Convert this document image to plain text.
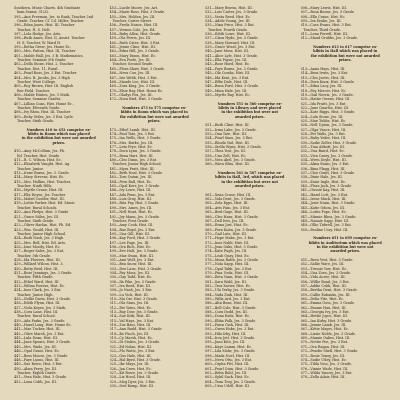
Southern, Music Charts. 4th Graduate
ham Senior, 31/32.
395—Ann Freeman, Jes. to Rusk, Teacher 2nd
Grade. Teacher, Cl. Cd. Miller, Teacher
396—Edna Jones, Hist. III, Teacher
Teacher, H. S. Holt.
397—Lola Hodge, Jes. Arts.
398—Ruth Ames, Hist. II, Assist. Teacher
H. S. Teacher, W. Ward H.
399—Retha Greer, Jes. Home Ec.
400—Mrs. Patton, Hist. III, Teacher
401—Mable Hall, Jes. 3 B. Mathematics,
Teacher, Seminar 5th Grade.
402—Della Stone, Hist. 2, Teacher
Teacher, Dist. 11, Rural.
403—Pearl Ross, Jes. 3 Ent. Teacher
404—Mrs. B. Jacobs, Jes. 3 High
Teacher, West College.
405—Roy Brown, Hist. III. English
Ree Field, Teacher.
406—Mable Hinton, Jes. 3 Math.
Teacher, Seminar Grades.
407—Lillian Coan, Hist. Home Ec.,
Teacher, Eleventh Grade.
408—Ivy Rhea, Hist. III, Teacher
409—Ruby Stiles, Jes. 3 Ent. Lytle.
Teacher, Sixth Grade.
Numbers 410 to 452 comprise ex-
hibits in Room which was placed
in the exhibition but were not awarded
prizes.
410—Amy McCollum, Jes. Ph.
Ed. Teacher, Hist. Grade.
411—R. C. Wilson, Hist. Ec.
412—Elizabeth Vaught, Hist. Ag.
Teacher, Junior.
413—Irene Burns, Jes. 3. Grade.
414—Mary Stevens, Hist. Ec.
415—Mrs. Hollins, Hist. Teacher,
Teacher, Ninth Hills.
416—Myrtle Crane, Hist. III.
417—Ella Heyes, Jes. Teacher
418—Mabel Coulter, Hist. III.
419—Lottie Parker, Hist. Ed. Music
Teacher, Rural Schools.
420—Ann Phelps, Hist. 3 Grade
421—Grace Miles, Jes. III.
Teacher, Sixth Grade.
422—Oliver Harlan, Hist. Ph. Ed.
423—Wm. Gould, Hist. III.
Teacher, Junior High School.
424—Ruth Nash, Jes. 3 High.
425—Mrs. Bell, Hist. Ed. Arts.
426—Ione Moody, Hist. Ec.
427—Roger Sales, Jes. 3 Ent.
Teacher, 5th Grade.
428—Ida Flowers, Hist. III.
429—Willard Wilcox, Hist. 3.
430—Betty Reid, Hist. III.
431—Rose Jennings, Jes. 3 Grade.
Teacher, Fifth Grade.
432—Ethel Ward, Hist. III.
433—Wilma Powers, Hist. Ec.
434—Inez Clark, Jes. 3 Ent.
Teacher, Junior High.
435—Nellie Davis, Hist. 3 Grade.
436—Edith Flynn, Hist. III.
437—Viola Keyes, Jes. 3 Math.
438—Cora Lane, Hist. III.
Teacher, Rural School.
439—Ada Parks, Jes. 3 Grade.
440—Hazel Long, Hist. Home Ec.
441—Mae Tucker, Hist. III.
442—Olive Marsh, Jes. 3 Ent.
443—Lula Dean, Hist. III.
444—June Spears, Hist. 3 Grade.
445—Mrs. Wade, Jes. III.
446—Opal Grant, Hist. Ec.
447—Bess Moore, Jes. 3 Grade.
448—Faye Lyons, Hist. III.
449—Sue Rowe, Hist. 3 Ent.
450—Alma Perry, Jes. III.
Teacher, Eighth Grade.
451—Vera Hale, Hist. 3 Grade.
452—Lena Cobb, Jes. III.
453—Lucile Moore, Jes. Art.
454—Marie Ross, Hist. 3 Grade.
455—Mrs. Holden, Jes. III.
Teacher, Carter Street.
456—Freda Nance, Hist. III.
457—Vernon Cole, Jes. Ed.
458—Ruby Allen, Hist. Grade.
459—Ola Ferris, Jes. III.
460—Ruth Cates, Hist. 3 Ent.
461—Jessie Cline, Hist. III.
462—Edna Hill, Jes. 3 Grade.
463—Mary Dixon, Hist. Ec.
464—Eva Poole, Jes. III.
Teacher, Second Grade.
465—Flora Shaw, Hist. 3 Grade.
466—Neva Cox, Jes. III.
467—Iris Webb, Hist. 3 Ent.
468—Maude Lee, Hist. III.
469—Zora King, Jes. 3 Grade.
470—Elsie Ray, Hist. Home Ec.
471—Gladys Fox, Jes. III.
472—Nora Bird, Hist. 3 Grade.
Numbers 473 to 575 comprise ex-
hibits in Room which was placed in
the exhibition but were not awarded
prizes.
473—Ethel Lamb, Hist. III.
474—Paul Tate, Jes. 3 Ent.
475—Ina Wells, Hist. 3 Grade.
476—Mrs. Burke, Jes. III.
477—Leta Frye, Hist. Ec.
478—Dora Lynn, Jes. 3 Grade.
479—Rena Hart, Hist. III.
480—Cleo Dunn, Jes. 3 Ent.
Teacher, Junior High School.
481—Myra Pratt, Hist. III.
482—Beth Neal, Hist. 3 Grade.
483—Tom Quinn, Jes. III.
484—Fern Ball, Hist. Ec.
485—Opal Kerr, Jes. 3 Grade.
486—Ivy Lowe, Hist. III.
487—Ada Penn, Jes. 3 Ent.
488—Lois Gray, Hist. III.
489—Rita Fay, Hist. 3 Grade.
490—Mrs. Ames, Jes. III.
491—Nell Hunt, Hist. Ec.
492—Joy Mann, Jes. 3 Grade.
Teacher, First Grade.
493—Amy Cook, Hist. III.
494—Rae Boyd, Jes. 3 Ent.
495—Una Gill, Hist. III.
496—Kay Ford, Hist. 3 Grade.
497—Lee Page, Jes. III.
498—Ora Rich, Hist. Ec.
499—Eve Holt, Jes. 3 Grade.
500—Mae Swan, Hist. III.
501—Ann Wolf, Jes. 3 Ent.
502—Bea Snow, Hist. III.
503—Dee Lane, Hist. 3 Grade.
504—Fay Moss, Jes. III.
505—Gay Todd, Hist. Ec.
506—Ila Pike, Jes. 3 Grade.
507—Iva Reed, Hist. III.
508—Jo Nash, Jes. 3 Ent.
509—Lu Vick, Hist. III.
510—Ma Orr, Hist. 3 Grade.
511—Ola Sims, Jes. III.
512—Pat Yates, Hist. Ec.
513—Ray Dow, Jes. 3 Grade.
514—Sue Kirk, Hist. III.
515—Val Hays, Jes. 3 Ent.
516—Zoe Bass, Hist. III.
517—Ann Rudd, Hist. 3 Grade.
518—Bo Finch, Jes. III.
519—Cy Marsh, Hist. Ec.
520—Di Stokes, Jes. 3 Grade.
521—Ed Nolan, Hist. III.
522—Flo Watts, Jes. 3 Ent.
523—Gus Hale, Hist. III.
524—Hal Byrd, Hist. 3 Grade.
525—Ike Mays, Jes. III.
526—Jan Crow, Hist. Ec.
527—Kit Rowe, Jes. 3 Grade.
528—Liz Hood, Hist. III.
529—Meg Dyer, Jes. 3 Ent.
530—Ned Kemp, Hist. III.
531—Mary Brown, Hist. III.
532—Lois Carter, Jes. 3 Grade.
533—Vesta Reed, Hist. Ec.
534—Adele Young, Jes. III.
535—Nina Price, Hist. 3 Ent.
Teacher, Fourth Grade.
536—Edith Lowe, Hist. III.
537—Clara Hyde, Jes. 3 Grade.
538—Mary Howard, Hist. III.
539—Grace Wood, Jes. 3 Ent.
540—Jane Moss, Hist. III.
541—Alice Lyle, Hist. 3 Grade.
542—Ella Payne, Jes. III.
543—Rose Hurd, Hist. Ec.
544—Faye Burns, Jes. 3 Grade.
545—Ola Combs, Hist. III.
546—Ida Kent, Jes. 3 Ent.
547—Effie Dale, Hist. III.
548—Rena Ford, Hist. 3 Grade.
549—Mina Hale, Jes. III.
550—Myrtle Ray, Hist. Ec.
Numbers 551 to 560 comprise ex-
hibits in Library and were placed
in the exhibition but were not
awarded prizes.
551—Ruth Cline, Hist. III.
552—Irma Lake, Jes. 3 Grade.
553—Ona Tate, Hist. III.
554—Pearl Sims, Jes. 3 Ent.
555—Rhoda Vail, Hist. III.
556—Stella Wynn, Hist. 3 Grade.
557—Thea Yost, Jes. III.
558—Una Zell, Hist. Ec.
559—Vera Abel, Jes. 3 Grade.
560—Wava Bliss, Hist. III.
Numbers 561 to 567 comprise ex-
hibits in Hall, 3rd, which was placed
in the exhibition but were not
awarded prizes.
561—Xena Cruse, Hist. III.
562—Yula Dent, Jes. 3 Grade.
563—Zola Epps, Hist. III.
564—Avis Fain, Jes. 3 Ent.
565—Bird Gage, Hist. III.
566—Cleo Haas, Hist. 3 Grade.
567—Dell Ives, Jes. III.
568—Erma Jost, Hist. Ec.
569—Fern Kuhn, Jes. 3 Grade.
570—Gail Lutz, Hist. III.
571—Hope Mabe, Jes. 3 Ent.
572—Inez Nabb, Hist. III.
573—Jean Oaks, Hist. 3 Grade.
574—Kate Pugh, Jes. III.
575—Leah Quay, Hist. Ec.
576—Mona Rabb, Jes. 3 Grade.
577—Nola Sapp, Hist. III.
578—Opal Tabb, Jes. 3 Ent.
579—Pina Ueda, Hist. III.
580—Reta Vann, Hist. 3 Grade.
581—Sara Wahl, Jes. III.
582—Tess Xavier, Hist. Ec.
583—Ula Yerby, Jes. 3 Grade.
584—Vada Zink, Hist. III.
585—Willa Ard, Jes. 3 Ent.
586—Alta Bean, Hist. III.
587—Bell Cole, Hist. 3 Grade.
588—Cora Dodd, Jes. III.
589—Dona Eads, Hist. Ec.
590—Ebba Falk, Jes. 3 Grade.
591—Fawn Gish, Hist. III.
592—Gwen Hoke, Jes. 3 Ent.
593—Hila Irby, Hist. III.
594—Irva Jett, Hist. 3 Grade.
595—Juno Kite, Jes. III.
596—Kaye Lamm, Hist. Ec.
597—Lila Mohr, Jes. 3 Grade.
598—Mada Noel, Hist. III.
599—Neva Otto, Jes. 3 Ent.
600—Orpha Pitt, Hist. III.
601—Pearl Quin, Hist. 3 Grade.
602—Reba Ruhl, Jes. III.
603—Sybil Sack, Hist. Ec.
604—Tena Troy, Jes. 3 Grade.
605—Ursa Udell, Hist. III.
606—Mary Lewis, Hist. III.
607—Rosa Boone, Jes. 3 Grade.
608—Ella Crane, Hist. Ec.
609—Iva Drake, Jes. III.
610—Cora Evans, Hist. 3 Ent.
Teacher, Third Grade.
611—Lena Ferrell, Hist. III.
612—Maud Grubbs, Jes. 3 Grade.
Numbers 613 to 617 comprise ex-
hibits in Hall which was placed in
the exhibition but were not awarded
prizes.
613—Anna Hays, Hist. III.
614—Bess Irwin, Jes. 3 Ent.
615—Cleo Jarvis, Hist. III.
616—Dora Knox, Hist. 3 Grade.
617—Edna Lacy, Jes. III.
618—Fay Mercer, Hist. Ec.
619—Gail Norris, Jes. 3 Grade.
620—Hattie Owens, Hist. III.
621—Ida Pruitt, Jes. 3 Ent.
622—June Quarles, Hist. III.
623—Kate Riggs, Hist. 3 Grade.
624—Lula Stone, Jes. III.
625—Mae Tubbs, Hist. Ec.
626—Nell Upton, Jes. 3 Grade.
627—Olga Vance, Hist. III.
628—Pet Walls, Jes. 3 Ent.
629—Ruby Yoder, Hist. III.
630—Sadie Zeller, Hist. 3 Grade.
631—Tina Abbott, Jes. III.
632—Una Baird, Hist. Ec.
633—Viva Casey, Jes. 3 Grade.
634—Wren Doyle, Hist. III.
635—Alma Ennis, Jes. 3 Ent.
636—Bina Flagg, Hist. III.
637—Cloe Gantt, Hist. 3 Grade.
638—Dixie Hale, Jes. III.
639—Essie Ingle, Hist. Ec.
640—Flora Jack, Jes. 3 Grade.
641—Gussie Kay, Hist. III.
642—Hazel Lott, Jes. 3 Ent.
643—Irene Mack, Hist. III.
644—Josie Nunn, Hist. 3 Grade.
645—Katie Odom, Jes. III.
646—Lottie Pope, Hist. Ec.
647—Minnie Rhea, Jes. 3 Grade.
648—Nannie Sapp, Hist. III.
649—Ollie Tidwell, Jes. 3 Ent.
650—Pauline Usry, Hist. III.
Numbers 651 to 699 comprise ex-
hibits in Auditorium which was placed
in the exhibition but were not
awarded prizes.
651—Reva Vest, Hist. 3 Grade.
652—Sallie Ware, Jes. III.
653—Tressie Yow, Hist. Ec.
654—Una Zorn, Jes. 3 Grade.
655—Vida Acree, Hist. III.
656—Willie Bond, Jes. 3 Ent.
657—Addie Cobb, Hist. III.
658—Bertha Dent, Hist. 3 Grade.
659—Callie Eubanks, Jes. III.
660—Delia Fite, Hist. Ec.
661—Emma Goss, Jes. 3 Grade.
662—Fannie Hux, Hist. III.
663—Georgia Ivy, Jes. 3 Ent.
664—Hettie Joyce, Hist. III.
665—Ina Kirby, Hist. 3 Grade.
666—Jennie Lamb, Jes. III.
667—Kittie Mayes, Hist. Ec.
668—Lizzie Noble, Jes. 3 Grade.
669—Mamie Oakes, Hist. III.
670—Nettie Poe, Jes. 3 Ent.
671—Ora Ragan, Hist. III.
672—Pearlie Shell, Hist. 3 Grade.
673—Rosie Toney, Jes. III.
674—Sudie Utley, Hist. Ec.
675—Tilda Voss, Jes. 3 Grade.
676—Vinnie Wade, Hist. III.
677—Wilda Yancey, Jes. 3 Ent.
678—Zella Adair, Hist. III.
